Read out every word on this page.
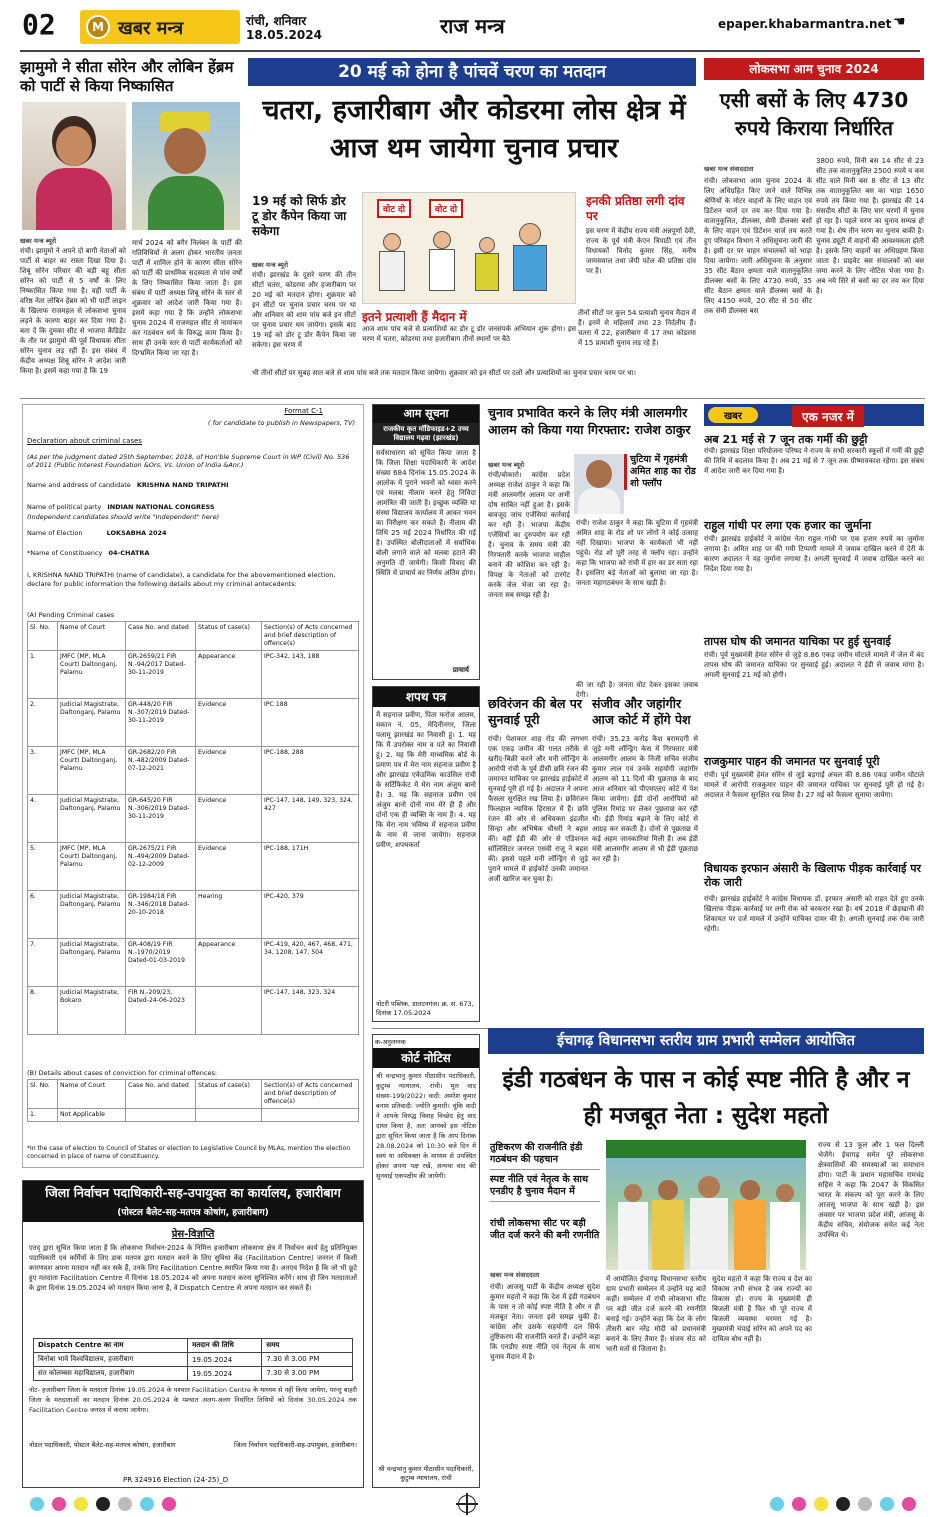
02	M खबर मन्त्र	रांची, शनिवार
18.05.2024	राज मन्त्र	epaper.khabarmantra.net ☚
झामुमो ने सीता सोरेन और लोबिन हेंब्रम को पार्टी से किया निष्कासित
खबर मन्त्र ब्यूरो
रांची। झामुमो ने अपने दो बागी नेताओं को पार्टी से बाहर का रास्ता दिखा दिया है। शिबू सोरेन परिवार की बड़ी बहू सीता सोरेन को पार्टी से 5 वर्षों के लिए निष्कासित किया गया है। वहीं पार्टी के वरिष्ठ नेता लोबिन हेंब्रम को भी पार्टी लाइन के खिलाफ राजमहल से लोकसभा चुनाव लड़ने के कारण बाहर कर दिया गया है। बता दें कि दुमका सीट से भाजपा कैंडिडेट के तौर पर झामुमो की पूर्व विधायक सीता सोरेन चुनाव लड़ रहीं हैं। इस संबंध में केंद्रीय अध्यक्ष शिबू सोरेन ने आदेश जारी किया है। इसमें कहा गया है कि 19
मार्च 2024 को बगैर निलंबन के पार्टी की गतिविधियों से अलग होकर भारतीय जनता पार्टी में शामिल होने के कारण सीता सोरेन को पार्टी की प्राथमिक सदस्यता से पांच वर्षों के लिए निष्कासित किया जाता है। इस संबंध में पार्टी अध्यक्ष शिबू सोरेन के स्तर से शुक्रवार को आदेश जारी किया गया है। इसमें कहा गया है कि उन्होंने लोकसभा चुनाव 2024 में राजमहल सीट से नामांकन कर गठबंधन धर्म के विरुद्ध काम किया है। साथ ही उनके स्तर से पार्टी कार्यकर्ताओं को दिग्भ्रमित किया जा रहा है।
20 मई को होना है पांचवें चरण का मतदान
चतरा, हजारीबाग और कोडरमा लोस क्षेत्र में आज थम जायेगा चुनाव प्रचार
19 मई को सिर्फ डोर टू डोर कैंपेन किया जा सकेगा
खबर मन्त्र ब्यूरो
रांची। झारखंड के दूसरे चरण की तीन सीटों चतरा, कोडरमा और हजारीबाग पर 20 मई को मतदान होगा। शुक्रवार को इन सीटों पर चुनाव प्रचार चरम पर था और शनिवार को शाम पांच बजे इन सीटों पर चुनाव प्रचार थम जायेगा। इसके बाद 19 मई को डोर टू डोर कैंपेन किया जा सकेगा। इस चरण में
वोट दो	वोट दो
इतने प्रत्याशी हैं मैदान में
आज शाम पांच बजे से प्रत्याशियों का डोर टू डोर जनसंपर्क अभियान शुरू होगा। इस चरण में चतरा, कोडरमा तथा हजारीबाग तीनों स्थानों पर बैठे
इनकी प्रतिष्ठा लगी दांव पर
इस चरण में केंद्रीय राज्य मंत्री अन्नपूर्णा देवी, राज्य के पूर्व मंत्री केएन त्रिपाठी एवं तीन विधायकों विनोद कुमार सिंह, मनीष जायसवाल तथा जेपी पटेल की प्रतिष्ठा दांव पर है।
तीनों सीटों पर कुल 54 प्रत्याशी चुनाव मैदान में हैं। इनमें से महिलायें तथा 23 निर्दलीय हैं। चतरा में 22, हजारीबाग में 17 तथा कोडरमा में 15 प्रत्याशी चुनाव लड़ रहे हैं।
भी तीनों सीटों पर सुबह सात बजे से शाम पांच बजे तक मतदान किया जायेगा। शुक्रवार को इन सीटों पर दलों और प्रत्याशियों का चुनाव प्रचार चरम पर था।
लोकसभा आम चुनाव 2024
एसी बसों के लिए 4730 रुपये किराया निर्धारित
खबर मन्त्र संवाददाता
रांची। लोकसभा आम चुनाव 2024 के लिए अधिग्रहित किए जाने वाले विभिन्न श्रेणियों के मोटर वाहनों के लिए वाहन एवं डिटेंशन चार्ज दर तय कर दिया गया है। वातानुकूलित, डीलक्स, सेमी डीलक्स बसों के लिए वाहन एवं डिटेंशन चार्ज तय करते हुए परिवहन विभाग ने अधिसूचना जारी की है। इसी दर पर वाहन संचालकों को भाड़ा दिया जायेगा। जारी अधिसूचना के अनुसार 35 सीट बैठान क्षमता वाले वातानुकूलित डीलक्स बसों के लिए 4730 रुपये, 35 सीट बैठान क्षमता वाले डीलक्स बसों के लिए 4150 रुपये, 20 सीट से 50 सीट तक सेमी डीलक्स बस
3800 रुपये, मिनी बस 14 सीट से 23 सीट तक वातानुकूलित 2500 रुपये व कम सीट वाले मिनी बस 8 सीट से 13 सीट तक वातानुकूलित बस का भाड़ा 1650 रुपये तय किया गया है। झारखंड की 14 संसदीय सीटों के लिए चार चरणों में चुनाव हो रहा है। पहले चरण का चुनाव सम्पन्न हो गया है। शेष तीन चरण का चुनाव बाकी है। चुनाव ड्यूटी में वाहनों की आवश्यकता होती है। इसके लिए वाहनों का अधिग्रहण किया जाता है। प्राइवेट बस संचालकों को बस जमा करने के लिए नोटिस भेजा गया है। अब नये सिरे से बसों का दर तय कर दिया है।
Format C-1
( for candidate to publish in Newspapers, TV)
Declaration about criminal cases
(As per the judgment dated 25th September, 2018, of Hon'ble Supreme Court in WP (Civil) No. 536 of 2011 (Public Interest Foundation &Ors. Vs. Union of India &Anr.)
Name and address of candidate KRISHNA NAND TRIPATHI
Name of political party INDIAN NATIONAL CONGRESS
(Independent candidates should write "Independent" here)
Name of Election	LOKSABHA 2024
*Name of Constituency 04-CHATRA
I, KRISHNA NAND TRIPATHI (name of candidate), a candidate for the abovementioned election, declare for public information the following details about my criminal antecedents:
(A) Pending Criminal cases
Sl. No.	Name of Court	Case No. and dated	Status of case(s)	Section(s) of Acts concerned and brief description of offence(s)
1.	JMFC (MP, MLA Court) Daltonganj, Palamu	GR-2659/21 FIR N.-94/2017 Dated-30-11-2019	Appearance	IPC-342, 143, 188
2.	Judicial Magistrate, Daltonganj, Palamu	GR-448/20 FIR N.-307/2019 Dated-30-11-2019	Evidence	IPC 188
3.	JMFC (MP, MLA Court) Daltonganj, Palamu	GR-2682/20 FIR N.-482/2009 Dated-07-12-2021	Evidence	IPC-188, 288
4.	Judicial Magistrate, Daltonganj, Palamu	GR-645/20 FIR N.-306/2019 Dated-30-11-2019	Evidence	IPC-147, 148, 149, 323, 324, 427
5.	JMFC (MP, MLA Court) Daltonganj, Palamu	GR-2675/21 FIR N.-494/2009 Dated-02-12-2009	Evidence	IPC-188, 171H
6.	Judicial Magistrate, Daltonganj, Palamu	GR-1984/18 FIR N.-346/2018 Dated-20-10-2018	Hearing	IPC-420, 379
7.	Judicial Magistrate, Daltonganj, Palamu	GR-408/19 FIR N.-1970/2019 Dated-01-03-2019	Appearance	IPC-419, 420, 467, 468, 471, 34, 1208, 147, 504
8.	Judicial Magistrate, Bokaro	FIR N.-209/23, Dated-24-06-2023		IPC-147, 148, 323, 324
(B) Details about cases of conviction for criminal offences:
Sl. No.	Name of Court	Case No. and dated	Status of case(s)	Section(s) of Acts concerned and brief description of offence(s)
1.	Not Applicable			
*In the case of election to Council of States or election to Legislative Council by MLAs, mention the election concerned in place of name of constituency.
आम सूचना
राजकीय कृत मॉडिफाइड+2 उच्च विद्यालय गढ़वा (झारखंड)
सर्वसाधारण को सूचित किया जाता है कि जिला शिक्षा पदाधिकारी के आदेश संख्या 684 दिनांक 15.05.2024 के आलोक में पुराने भवनों को ध्वस्त करने एवं मलबा नीलाम करने हेतु निविदा आमंत्रित की जाती है। इच्छुक व्यक्ति या संस्था विद्यालय कार्यालय में आकर भवन का निरीक्षण कर सकते हैं। नीलाम की तिथि 25 मई 2024 निर्धारित की गई है। उपस्थित बोलीदाताओं में सर्वाधिक बोली लगाने वाले को मलबा हटाने की अनुमति दी जायेगी। किसी विवाद की स्थिति में प्राचार्य का निर्णय अंतिम होगा।
प्राचार्य
शपथ पत्र
मैं सहनाज प्रवीण, पिता फरोज आलम, मकान नं. 05, मेदिनीनगर, जिला पलामू झारखंड का निवासी हूं। 1. यह कि मैं उपरोक्त नाम व पते का निवासी हूं। 2. यह कि मेरी माध्यमिक बोर्ड के प्रमाण पत्र में मेरा नाम सहनाज प्रवीण है और झारखंड एकेडमिक काउंसिल रांची के सर्टिफिकेट में मेरा नाम अंजुम बानो है। 3. यह कि सहनाज प्रवीण एवं अंजुम बानो दोनों नाम मेरे ही हैं और दोनों एक ही व्यक्ति के नाम हैं। 4. यह कि मेरा नाम भविष्य में सहनाज प्रवीण के नाम से जाना जायेगा। सहनाज प्रवीण, शपथकर्ता
नोटरी पब्लिक, डालटनगंज। क्र. सं. 673, दिनांक 17.05.2024
चुनाव प्रभावित करने के लिए मंत्री आलमगीर आलम को किया गया गिरफ्तार: राजेश ठाकुर
खबर मन्त्र ब्यूरो	चुटिया में गृहमंत्री अमित शाह का रोड शो फ्लॉप
रांची/बोकारो। कांग्रेस प्रदेश अध्यक्ष राजेश ठाकुर ने कहा कि मंत्री आलमगीर आलम पर अभी दोष साबित नहीं हुआ है। इसके बावजूद जांच एजेंसियां कार्रवाई कर रही हैं। भाजपा केंद्रीय एजेंसियों का दुरुपयोग कर रही है। चुनाव के समय मंत्री की गिरफ्तारी करके भाजपा माहौल बनाने की कोशिश कर रही है। विपक्ष के नेताओं को टारगेट करके जेल भेजा जा रहा है। जनता सब समझ रही है।
रांची। राजेश ठाकुर ने कहा कि चुटिया में गृहमंत्री अमित शाह के रोड शो पर लोगों ने कोई उत्साह नहीं दिखाया। भाजपा के कार्यकर्ता भी नहीं पहुंचे। रोड शो पूरी तरह से फ्लॉप रहा। उन्होंने कहा कि भाजपा को रांची में हार का डर सता रहा है। इसलिए बड़े नेताओं को बुलाया जा रहा है। जनता महागठबंधन के साथ खड़ी है।
की जा रही है। जनता वोट देकर इसका जवाब देगी।
छविरंजन की बेल पर सुनवाई पूरी
रांची। पेशाकार शाह रोड की लगभग एक एकड़ जमीन की गलत तरीके से खरीद-बिक्री करने और मनी लॉन्ड्रिंग के आरोपी रांची के पूर्व डीसी छवि रंजन की जमानत याचिका पर झारखंड हाईकोर्ट में सुनवाई पूरी हो गई है। अदालत ने अपना फैसला सुरक्षित रख लिया है। छविरंजन फिलहाल न्यायिक हिरासत में हैं। छवि रंजन की ओर से अधिवक्ता इंद्रजीत सिन्हा और अभिषेक चौधरी ने बहस की। वहीं ईडी की ओर से एडिशनल सॉलिसिटर जनरल एसवी राजू ने बहस की। इससे पहले मनी लॉन्ड्रिंग से जुड़े पुराने मामले में हाईकोर्ट उनकी जमानत अर्जी खारिज कर चुका है।
संजीव और जहांगीर आज कोर्ट में होंगे पेश
रांची। 35.23 करोड़ कैश बरामदगी से जुड़े मनी लॉन्ड्रिंग केस में गिरफ्तार मंत्री आलमगीर आलम के निजी सचिव संजीव कुमार लाल एवं उनके सहयोगी जहांगीर आलम को 11 दिनों की पूछताछ के बाद आज शनिवार को पीएमएलए कोर्ट में पेश किया जायेगा। ईडी दोनों आरोपियों को पुलिस रिमांड पर लेकर पूछताछ कर रही थी। ईडी रिमांड बढ़ाने के लिए कोर्ट से आग्रह कर सकती है। दोनों से पूछताछ में कई अहम जानकारियां मिली हैं। अब ईडी मंत्री आलमगीर आलम से भी ईडी पूछताछ कर रही है।
खबर	एक नजर में
अब 21 मई से 7 जून तक गर्मी की छुट्टी
रांची। झारखंड शिक्षा परियोजना परिषद ने राज्य के सभी सरकारी स्कूलों में गर्मी की छुट्टी की तिथि में बदलाव किया है। अब 21 मई से 7 जून तक ग्रीष्मावकाश रहेगा। इस संबंध में आदेश जारी कर दिया गया है।
राहुल गांधी पर लगा एक हजार का जुर्माना
रांची। झारखंड हाईकोर्ट ने कांग्रेस नेता राहुल गांधी पर एक हजार रुपये का जुर्माना लगाया है। अमित शाह पर की गयी टिप्पणी मामले में जवाब दाखिल करने में देरी के कारण अदालत ने यह जुर्माना लगाया है। अगली सुनवाई में जवाब दाखिल करने का निर्देश दिया गया है।
तापस घोष की जमानत याचिका पर हुई सुनवाई
रांची। पूर्व मुख्यमंत्री हेमंत सोरेन से जुड़े 8.86 एकड़ जमीन घोटाले मामले में जेल में बंद तापस घोष की जमानत याचिका पर सुनवाई हुई। अदालत ने ईडी से जवाब मांगा है। अगली सुनवाई 21 मई को होगी।
राजकुमार पाहन की जमानत पर सुनवाई पूरी
रांची। पूर्व मुख्यमंत्री हेमंत सोरेन से जुड़े बड़गाईं अंचल की 8.86 एकड़ जमीन घोटाले मामले में आरोपी राजकुमार पाहन की जमानत याचिका पर सुनवाई पूरी हो गई है। अदालत ने फैसला सुरक्षित रख लिया है। 27 मई को फैसला सुनाया जायेगा।
विधायक इरफान अंसारी के खिलाफ पीड़क कार्रवाई पर रोक जारी
रांची। झारखंड हाईकोर्ट ने कांग्रेस विधायक डॉ. इरफान अंसारी को राहत देते हुए उनके खिलाफ पीड़क कार्रवाई पर लगी रोक को बरकरार रखा है। वर्ष 2018 में छेड़खानी की शिकायत पर दर्ज मामले में उन्होंने याचिका दायर की है। अगली सुनवाई तक रोक जारी रहेगी।
क-अनुलग्नक
कोर्ट नोटिस
श्री चन्द्रभानु कुमार पीठासीन पदाधिकारी, कुटुम्ब न्यायालय, रांची। मूल वाद संख्या-199/2022। वादी: अमरेश कुमार बनाम प्रतिवादी: ज्योति कुमारी। चूंकि वादी ने आपके विरुद्ध विवाह विच्छेद हेतु वाद दायर किया है, अतः आपको इस नोटिस द्वारा सूचित किया जाता है कि आप दिनांक 28.08.2024 को 10:30 बजे दिन में स्वयं या अधिवक्ता के माध्यम से उपस्थित होकर अपना पक्ष रखें, अन्यथा वाद की सुनवाई एकपक्षीय की जायेगी।
श्री चन्द्रभानु कुमार पीठासीन पदाधिकारी, कुटुम्ब न्यायालय, रांची
ईचागढ़ विधानसभा स्तरीय ग्राम प्रभारी सम्मेलन आयोजित
इंडी गठबंधन के पास न कोई स्पष्ट नीति है और न ही मजबूत नेता : सुदेश महतो
तुष्टिकरण की राजनीति इंडी गठबंधन की पहचान
स्पष्ट नीति एवं नेतृत्व के साथ एनडीए है चुनाव मैदान में
रांची लोकसभा सीट पर बड़ी जीत दर्ज करने की बनी रणनीति
खबर मन्त्र संवाददाता
रांची। आजसू पार्टी के केंद्रीय अध्यक्ष सुदेश कुमार महतो ने कहा कि देश में इंडी गठबंधन के पास न तो कोई स्पष्ट नीति है और न ही मजबूत नेता। जनता इसे समझ चुकी है। कांग्रेस और उसके सहयोगी दल सिर्फ तुष्टिकरण की राजनीति करते हैं। उन्होंने कहा कि एनडीए स्पष्ट नीति एवं नेतृत्व के साथ चुनाव मैदान में है।
में आयोजित ईचागढ़ विधानसभा स्तरीय ग्राम प्रभारी सम्मेलन में उन्होंने यह बातें कहीं। सम्मेलन में रांची लोकसभा सीट पर बड़ी जीत दर्ज करने की रणनीति बनाई गई। उन्होंने कहा कि देश के लोग तीसरी बार नरेंद्र मोदी को प्रधानमंत्री बनाने के लिए तैयार हैं। संजय सेठ को भारी मतों से जिताना है।
सुदेश महतो ने कहा कि राज्य व देश का विकास तभी संभव है जब राज्यों का विकास हो। राज्य के मुख्यमंत्री ही बिजली मंत्री हैं फिर भी पूरे राज्य में बिजली व्यवस्था चरमरा गई है। मुख्यमंत्री चंपाई सोरेन को अपने पद का दायित्व बोध नहीं है।
राज्य से 13 फूल और 1 फल दिल्ली भेजेंगे। ईचागढ़ समेत पूरे लोकसभा क्षेत्रवासियों की समस्याओं का समाधान होगा। पार्टी के प्रधान महासचिव रामचंद्र सहिस ने कहा कि 2047 के विकसित भारत के संकल्प को पूरा करने के लिए आजसू भाजपा के साथ खड़ी है। इस अवसर पर भाजपा प्रदेश मंत्री, आजसू के केंद्रीय सचिव, संयोजक समेत कई नेता उपस्थित थे।
जिला निर्वाचन पदाधिकारी-सह-उपायुक्त का कार्यालय, हजारीबाग
(पोस्टल बैलेट-सह-मतपत्र कोषांग, हजारीबाग)
प्रेस-विज्ञप्ति
एतद् द्वारा सूचित किया जाता है कि लोकसभा निर्वाचन-2024 के निमित्त हजारीबाग लोकसभा क्षेत्र में निर्वाचन कार्य हेतु प्रतिनियुक्त पदाधिकारी एवं कर्मियों के लिए डाक मतपत्र द्वारा मतदान करने के लिए सुविधा केंद्र (Facilitation Centre) जनरल में किसी कारणवश अपना मतदान नहीं कर सके हैं, उनके लिए Facilitation Centre स्थापित किया गया है। अतएव निदेश है कि जो भी छूटे हुए मतदाता Facilitation Centre में दिनांक 18.05.2024 को अपना मतदान करना सुनिश्चित करेंगे। साथ ही जिन मतदाताओं के द्वारा दिनांक 19.05.2024 को मतदान किया जाना है, वे Dispatch Centre से अपना मतदान कर सकते हैं।
Dispatch Centre का नाम	मतदान की तिथि	समय
बिनोबा भावे विश्वविद्यालय, हजारीबाग	19.05.2024	7.30 से 3.00 PM
संत कोलम्बस महाविद्यालय, हजारीबाग	19.05.2024	7.30 से 3.00 PM
नोट- हजारीबाग जिला के मतदाता दिनांक 19.05.2024 के पश्चात Facilitation Centre के माध्यम से नहीं किया जायेगा, परन्तु बाहरी जिला के मतदाताओं का मतदान दिनांक 20.05.2024 के पश्चात अलग-अलग निर्धारित तिथियों को दिनांक 30.05.2024 तक Facilitation Centre जनरल में कराया जायेगा।
नोडल पदाधिकारी, पोस्टल बैलेट-सह-मतपत्र कोषांग, हजारीबाग	जिला निर्वाचन पदाधिकारी-सह-उपायुक्त, हजारीबाग।
PR 324916 Election (24-25)_D
